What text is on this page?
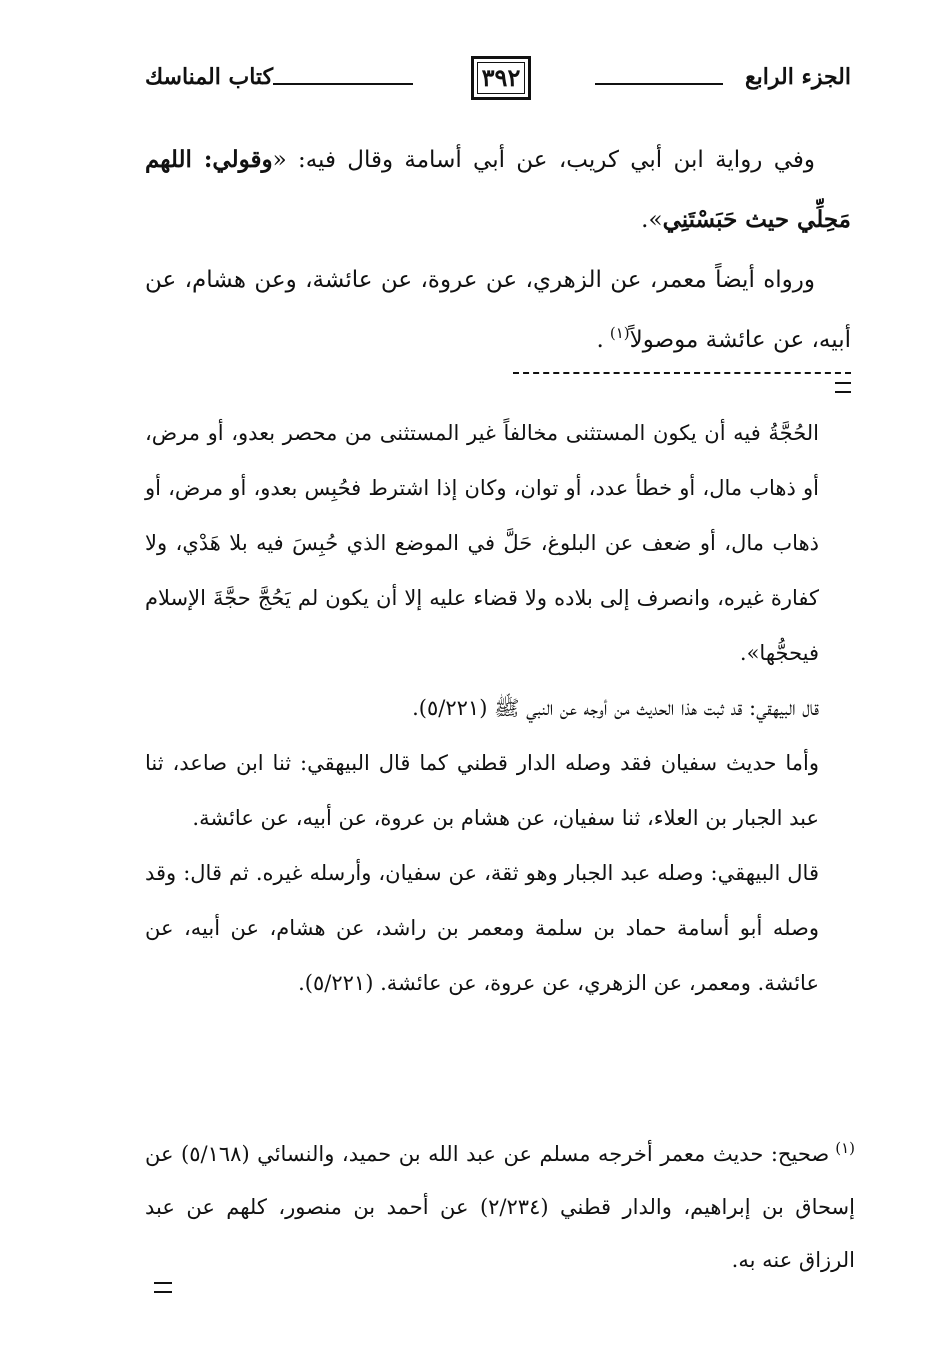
الجزء الرابع
٣٩٢
كتاب المناسك

وفي رواية ابن أبي كريب، عن أبي أسامة وقال فيه: «وقولي: اللهم مَحِلِّي حيث حَبَسْتَنِي».

ورواه أيضاً معمر، عن الزهري، عن عروة، عن عائشة، وعن هشام، عن أبيه، عن عائشة موصولاً$^{(١)}$.

الحُجَّةُ فيه أن يكون المستثنى مخالفاً غير المستثنى من محصر بعدو، أو مرض، أو ذهاب مال، أو خطأ عدد، أو توان، وكان إذا اشترط فحُبِس بعدو، أو مرض، أو ذهاب مال، أو ضعف عن البلوغ، حَلَّ في الموضع الذي حُبِسَ فيه بلا هَدْي، ولا كفارة غيره، وانصرف إلى بلاده ولا قضاء عليه إلا أن يكون لم يَحُجَّ حجَّةَ الإسلام فيحجُّها».

قال البيهقي: قد ثبت هذا الحديث من أوجه عن النبي ﷺ (٥/٢٢١).

وأما حديث سفيان فقد وصله الدار قطني كما قال البيهقي: ثنا ابن صاعد، ثنا عبد الجبار بن العلاء، ثنا سفيان، عن هشام بن عروة، عن أبيه، عن عائشة.

قال البيهقي: وصله عبد الجبار وهو ثقة، عن سفيان، وأرسله غيره. ثم قال: وقد وصله أبو أسامة حماد بن سلمة ومعمر بن راشد، عن هشام، عن أبيه، عن عائشة. ومعمر، عن الزهري، عن عروة، عن عائشة. (٥/٢٢١).

$^{(١)}$صحيح: حديث معمر أخرجه مسلم عن عبد الله بن حميد، والنسائي (٥/١٦٨) عن إسحاق بن إبراهيم، والدار قطني (٢/٢٣٤) عن أحمد بن منصور، كلهم عن عبد الرزاق عنه به.
